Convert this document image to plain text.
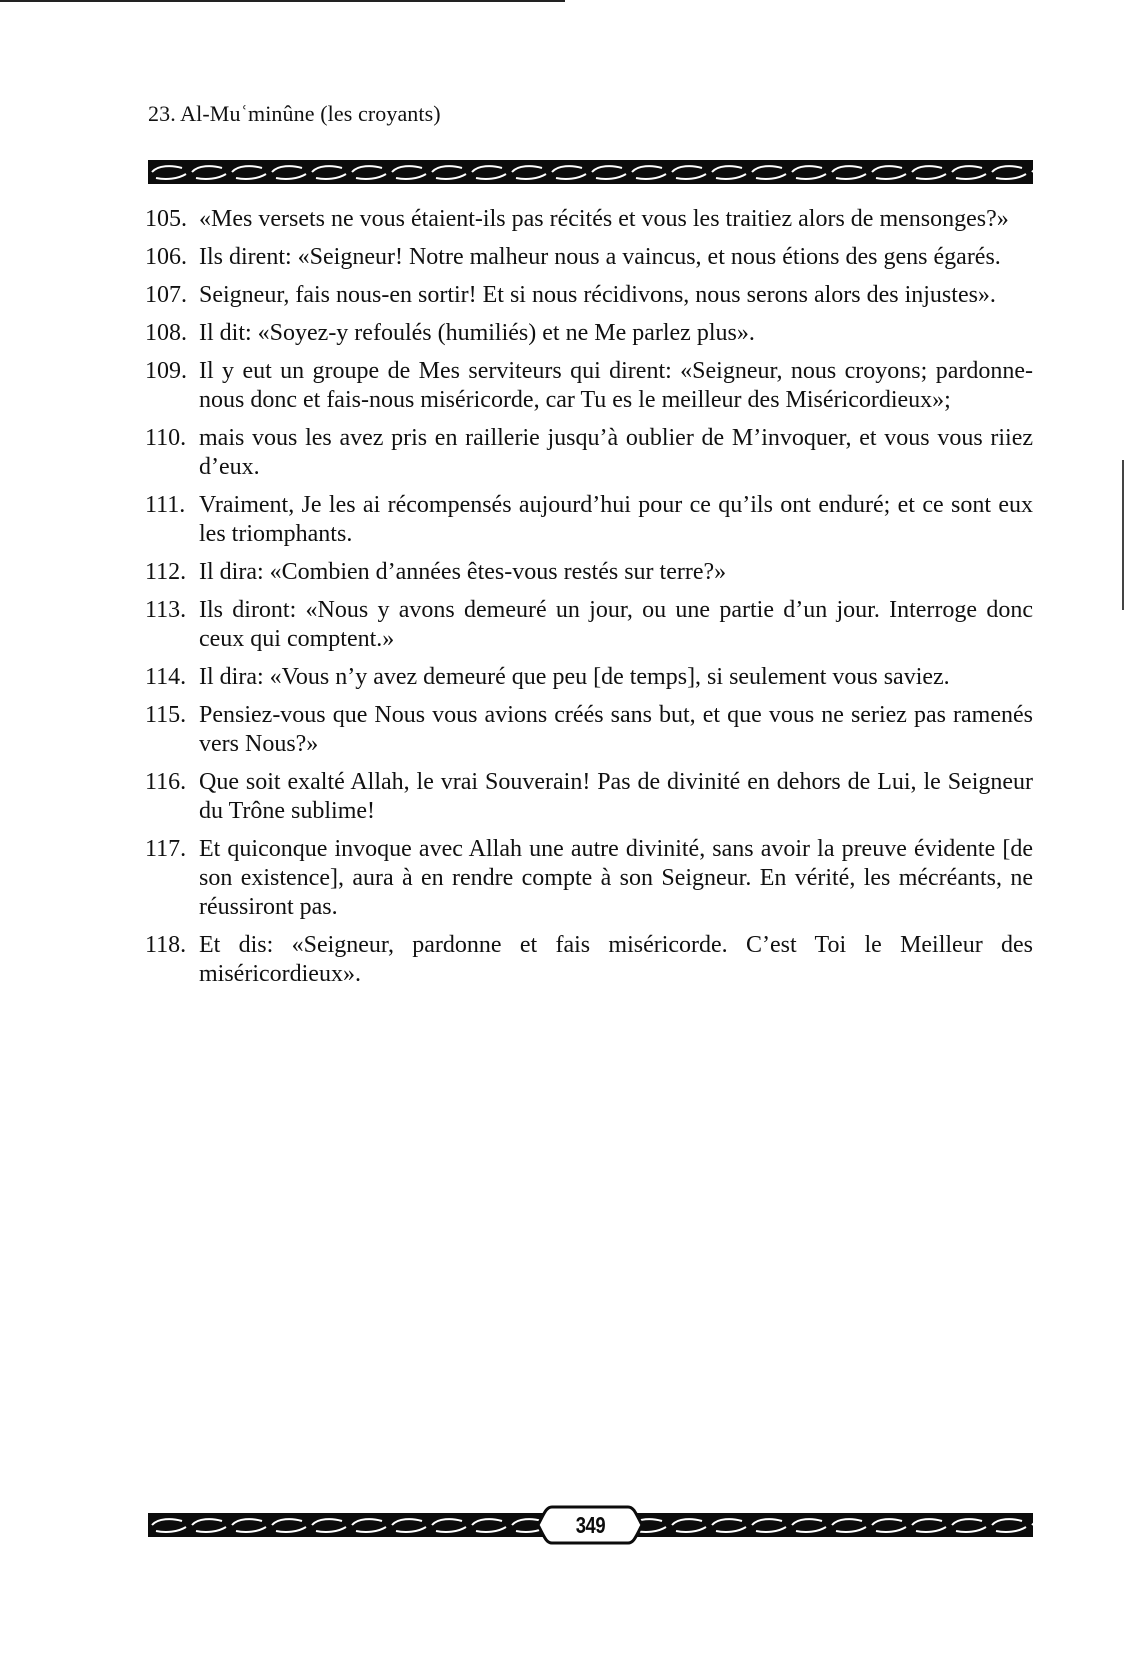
23. Al-Muʿminûne (les croyants)
105. «Mes versets ne vous étaient-ils pas récités et vous les traitiez alors de mensonges?»
106. Ils dirent: «Seigneur! Notre malheur nous a vaincus, et nous étions des gens égarés.
107. Seigneur, fais nous-en sortir! Et si nous récidivons, nous serons alors des injustes».
108. Il dit: «Soyez-y refoulés (humiliés) et ne Me parlez plus».
109. Il y eut un groupe de Mes serviteurs qui dirent: «Seigneur, nous croyons; pardonne-nous donc et fais-nous miséricorde, car Tu es le meilleur des Miséricordieux»;
110. mais vous les avez pris en raillerie jusqu’à oublier de M’invoquer, et vous vous riiez d’eux.
111. Vraiment, Je les ai récompensés aujourd’hui pour ce qu’ils ont enduré; et ce sont eux les triomphants.
112. Il dira: «Combien d’années êtes-vous restés sur terre?»
113. Ils diront: «Nous y avons demeuré un jour, ou une partie d’un jour. Interroge donc ceux qui comptent.»
114. Il dira: «Vous n’y avez demeuré que peu [de temps], si seulement vous saviez.
115. Pensiez-vous que Nous vous avions créés sans but, et que vous ne seriez pas ramenés vers Nous?»
116. Que soit exalté Allah, le vrai Souverain! Pas de divinité en dehors de Lui, le Seigneur du Trône sublime!
117. Et quiconque invoque avec Allah une autre divinité, sans avoir la preuve évidente [de son existence], aura à en rendre compte à son Seigneur. En vérité, les mécréants, ne réussiront pas.
118. Et dis: «Seigneur, pardonne et fais miséricorde. C’est Toi le Meilleur des miséricordieux».
349
